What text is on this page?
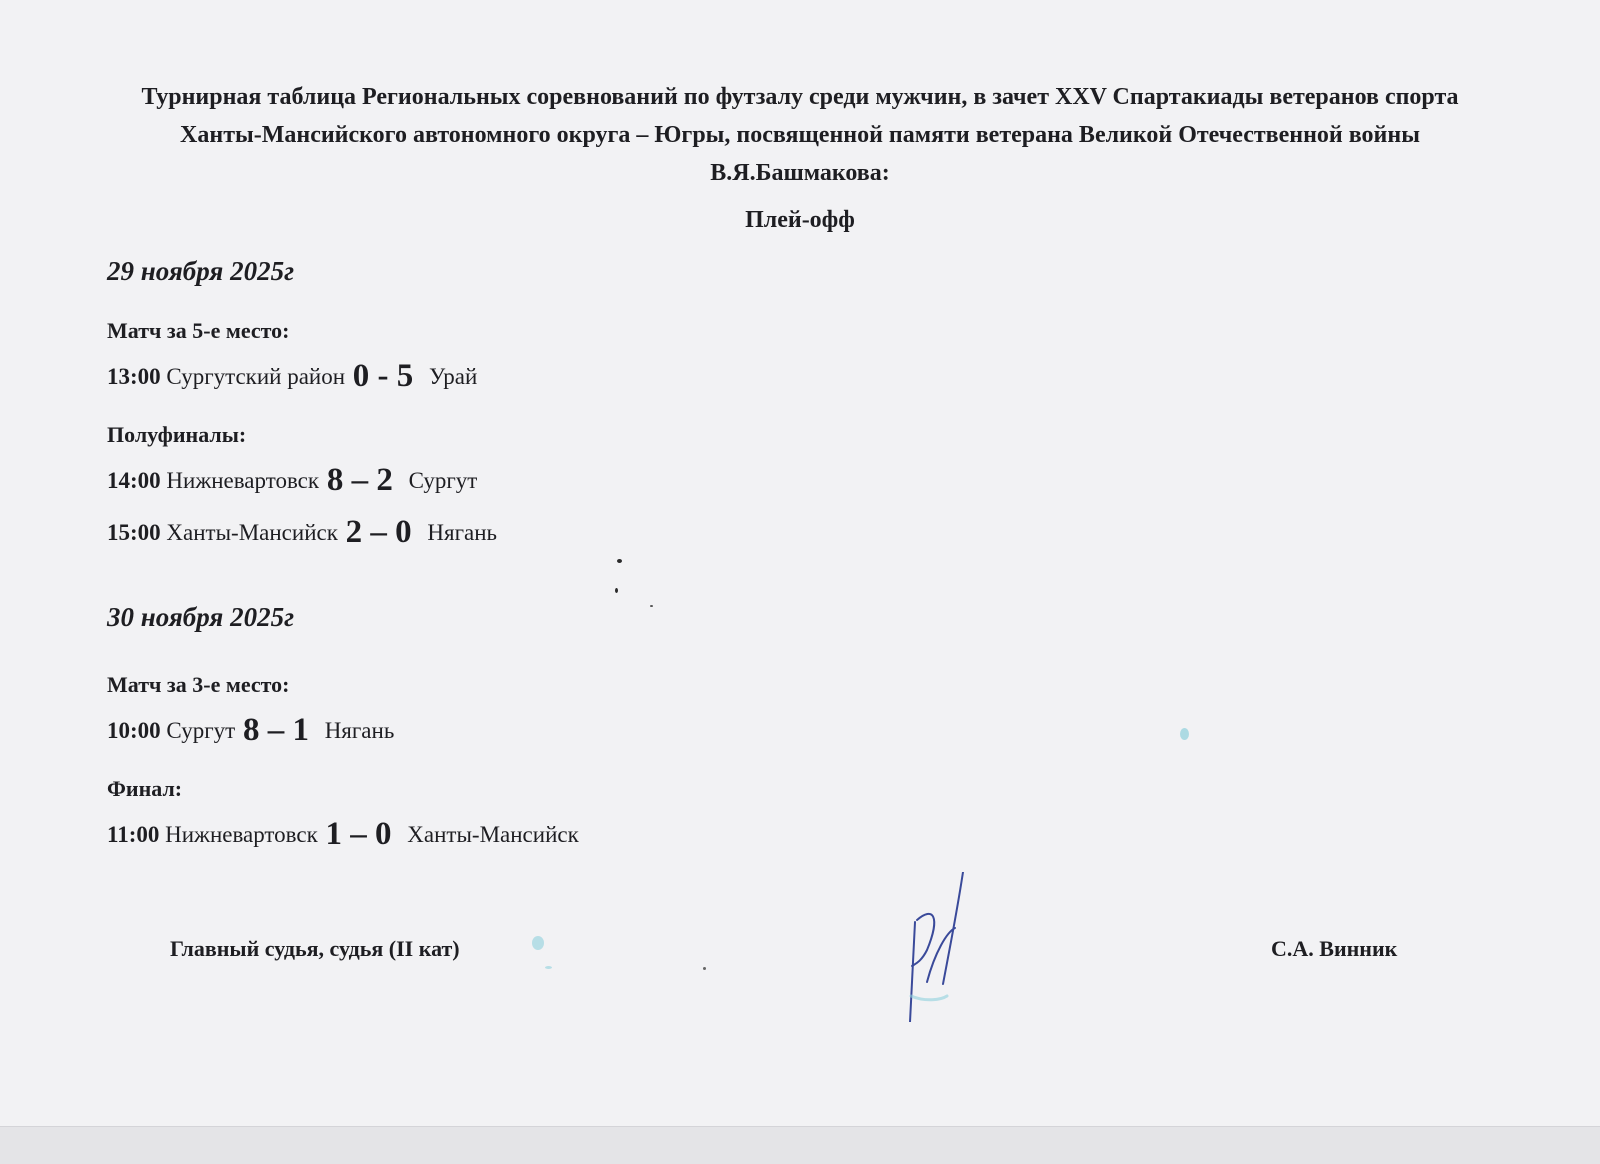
Турнирная таблица Региональных соревнований по футзалу среди мужчин, в зачет XXV Спартакиады ветеранов спорта Ханты-Мансийского автономного округа – Югры, посвященной памяти ветерана Великой Отечественной войны В.Я.Башмакова:
Плей-офф
29 ноября 2025г

Матч за 5-е место:

13:00 Сургутский район 0 - 5 Урай

Полуфиналы:

14:00 Нижневартовск 8 – 2 Сургут

15:00 Ханты-Мансийск 2 – 0 Нягань

30 ноября 2025г

Матч за 3-е место:

10:00 Сургут 8 – 1 Нягань

Финал:

11:00 Нижневартовск 1 – 0 Ханты-Мансийск

Главный судья, судья (II кат)	С.А. Винник
